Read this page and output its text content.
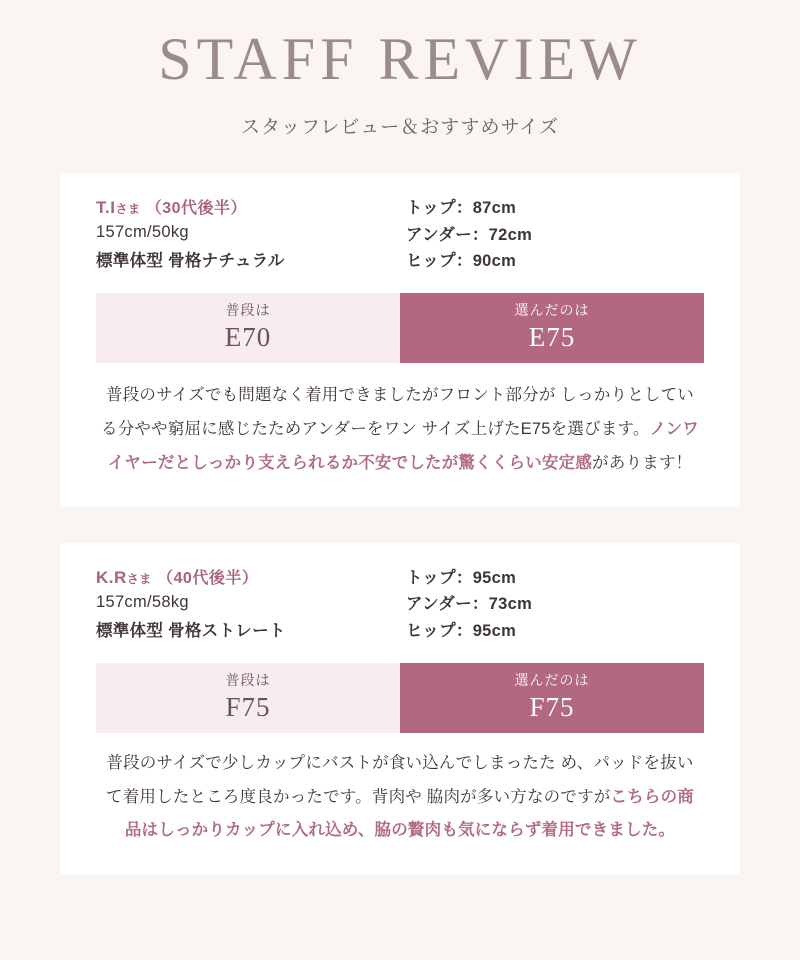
STAFF REVIEW
スタッフレビュー＆おすすめサイズ
T.Iさま （30代後半）
157cm/50kg
標準体型 骨格ナチュラル
トップ：87cm
アンダー：72cm
ヒップ：90cm
普段は
E70
選んだのは
E75
普段のサイズでも問題なく着用できましたがフロント部分が しっかりとしている分やや窮屈に感じたためアンダーをワン サイズ上げたE75を選びます。ノンワイヤーだとしっかり支えられるか不安でしたが驚くくらい安定感があります！
K.Rさま （40代後半）
157cm/58kg
標準体型 骨格ストレート
トップ：95cm
アンダー：73cm
ヒップ：95cm
普段は
F75
選んだのは
F75
普段のサイズで少しカップにバストが食い込んでしまったた め、パッドを抜いて着用したところ度良かったです。背肉や 脇肉が多い方なのですがこちらの商品はしっかりカップに入れ込め、脇の贅肉も気にならず着用できました。
